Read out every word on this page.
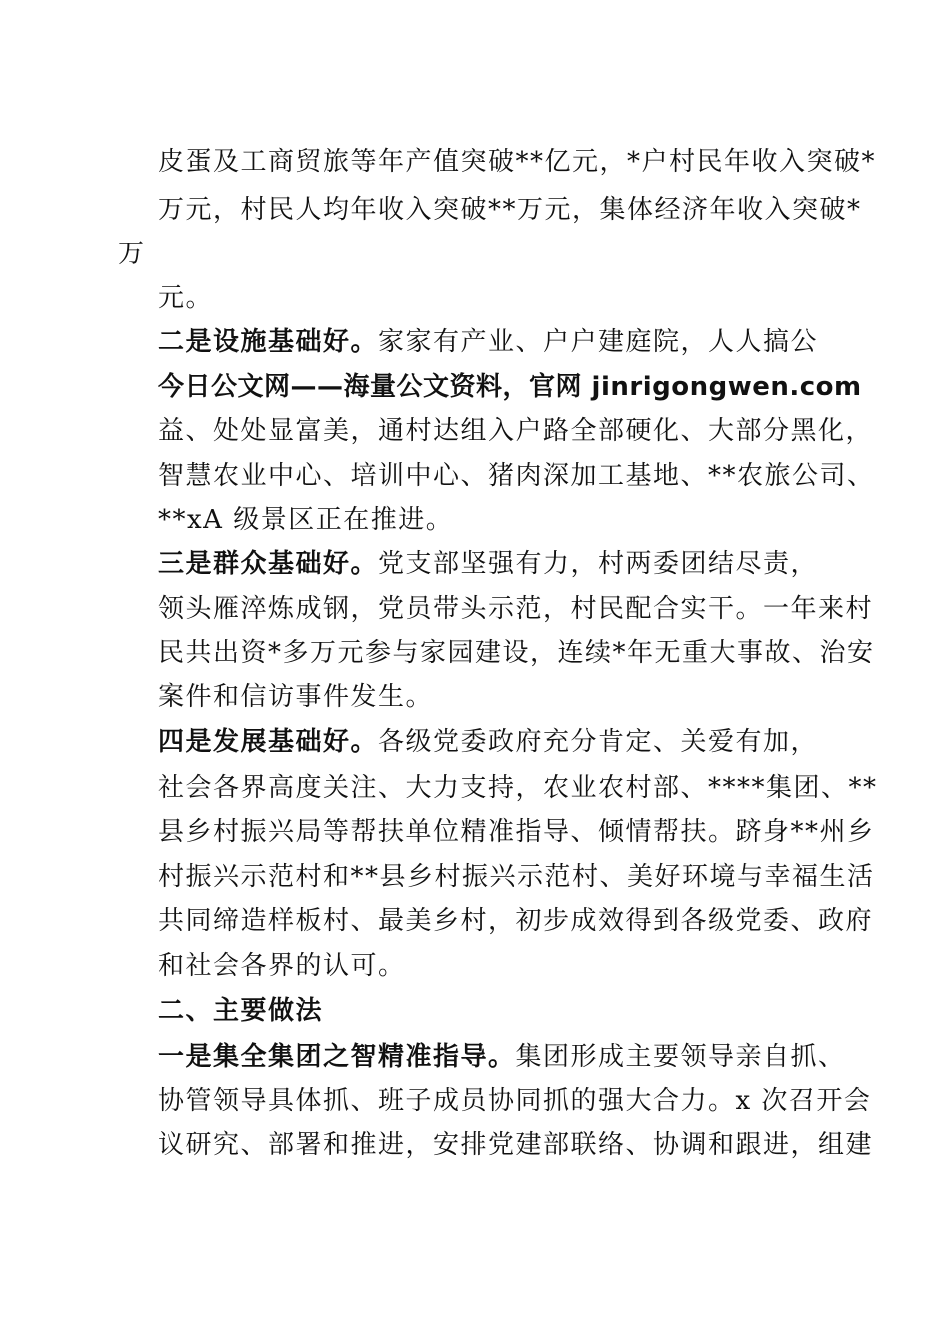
皮蛋及工商贸旅等年产值突破**亿元，*户村民年收入突破*
万元，村民人均年收入突破**万元，集体经济年收入突破*
万
元。
二是设施基础好。家家有产业、户户建庭院，人人搞公
今日公文网——海量公文资料，官网 jinrigongwen.com
益、处处显富美，通村达组入户路全部硬化、大部分黑化，
智慧农业中心、培训中心、猪肉深加工基地、**农旅公司、
**xA 级景区正在推进。
三是群众基础好。党支部坚强有力，村两委团结尽责，
领头雁淬炼成钢，党员带头示范，村民配合实干。一年来村
民共出资*多万元参与家园建设，连续*年无重大事故、治安
案件和信访事件发生。
四是发展基础好。各级党委政府充分肯定、关爱有加，
社会各界高度关注、大力支持，农业农村部、****集团、**
县乡村振兴局等帮扶单位精准指导、倾情帮扶。跻身**州乡
村振兴示范村和**县乡村振兴示范村、美好环境与幸福生活
共同缔造样板村、最美乡村，初步成效得到各级党委、政府
和社会各界的认可。
二、主要做法
一是集全集团之智精准指导。集团形成主要领导亲自抓、
协管领导具体抓、班子成员协同抓的强大合力。x 次召开会
议研究、部署和推进，安排党建部联络、协调和跟进，组建
